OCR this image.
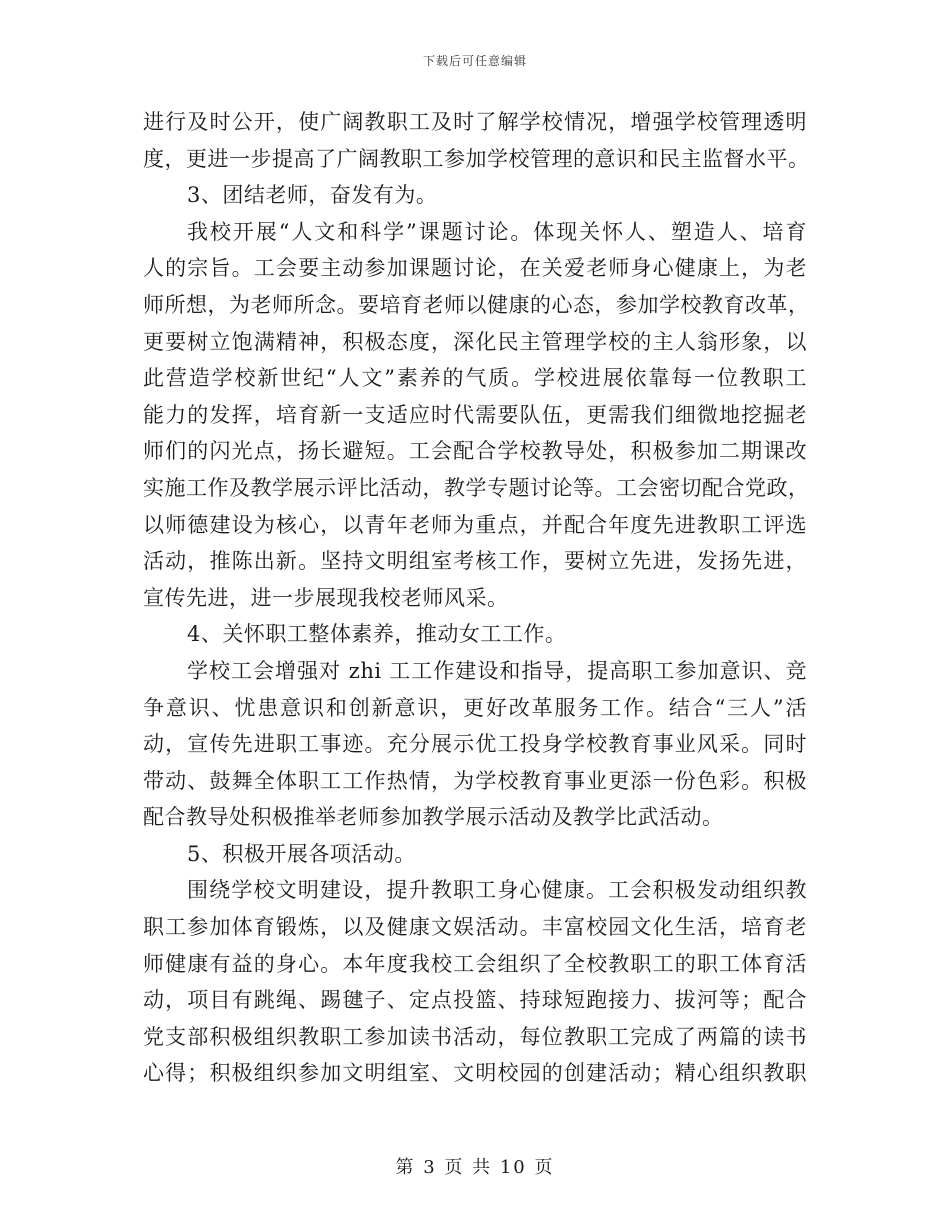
下载后可任意编辑
进行及时公开，使广阔教职工及时了解学校情况，增强学校管理透明
度，更进一步提高了广阔教职工参加学校管理的意识和民主监督水平。
3、团结老师，奋发有为。
我校开展“人文和科学”课题讨论。体现关怀人、塑造人、培育
人的宗旨。工会要主动参加课题讨论，在关爱老师身心健康上，为老
师所想，为老师所念。要培育老师以健康的心态，参加学校教育改革，
更要树立饱满精神，积极态度，深化民主管理学校的主人翁形象，以
此营造学校新世纪“人文”素养的气质。学校进展依靠每一位教职工
能力的发挥，培育新一支适应时代需要队伍，更需我们细微地挖掘老
师们的闪光点，扬长避短。工会配合学校教导处，积极参加二期课改
实施工作及教学展示评比活动，教学专题讨论等。工会密切配合党政，
以师德建设为核心，以青年老师为重点，并配合年度先进教职工评选
活动，推陈出新。坚持文明组室考核工作，要树立先进，发扬先进，
宣传先进，进一步展现我校老师风采。
4、关怀职工整体素养，推动女工工作。
学校工会增强对 zhi 工工作建设和指导，提高职工参加意识、竞
争意识、忧患意识和创新意识，更好改革服务工作。结合“三人”活
动，宣传先进职工事迹。充分展示优工投身学校教育事业风采。同时
带动、鼓舞全体职工工作热情，为学校教育事业更添一份色彩。积极
配合教导处积极推举老师参加教学展示活动及教学比武活动。
5、积极开展各项活动。
围绕学校文明建设，提升教职工身心健康。工会积极发动组织教
职工参加体育锻炼，以及健康文娱活动。丰富校园文化生活，培育老
师健康有益的身心。本年度我校工会组织了全校教职工的职工体育活
动，项目有跳绳、踢毽子、定点投篮、持球短跑接力、拔河等；配合
党支部积极组织教职工参加读书活动，每位教职工完成了两篇的读书
心得；积极组织参加文明组室、文明校园的创建活动；精心组织教职
第 3 页 共 10 页
